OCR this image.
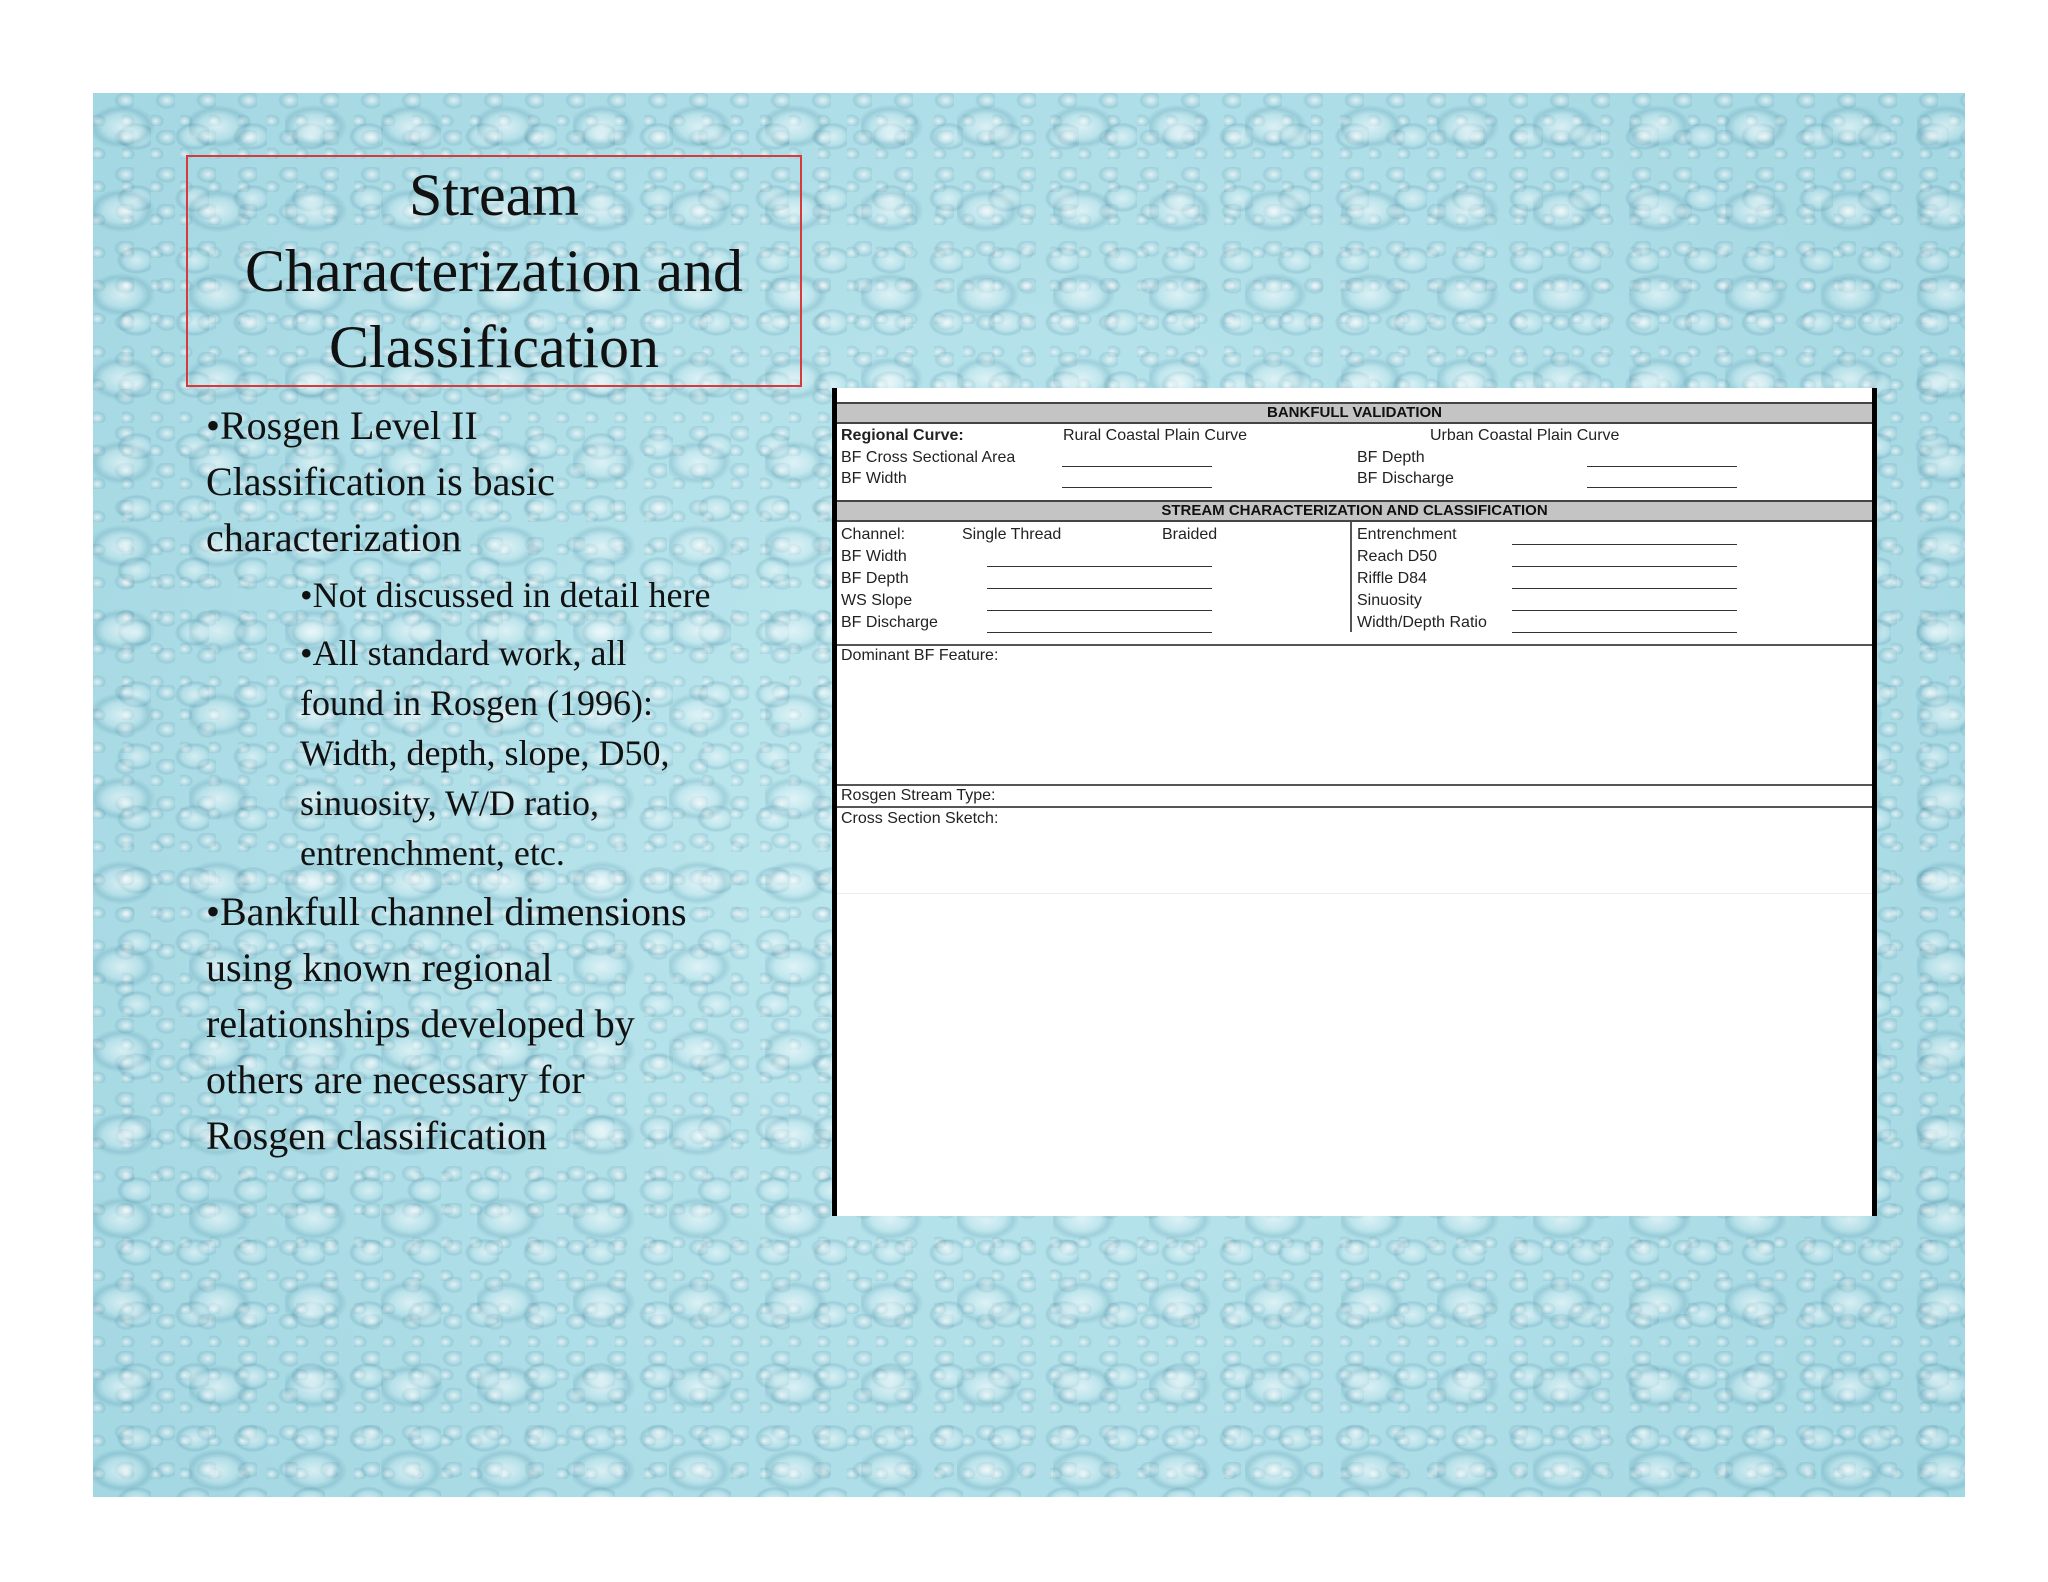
Stream
Characterization and
Classification

•Rosgen Level II
Classification is basic
characterization

•Not discussed in detail here

•All standard work, all
found in Rosgen (1996):
Width, depth, slope, D50,
sinuosity, W/D ratio,
entrenchment, etc.

•Bankfull channel dimensions
using known regional
relationships developed by
others are necessary for
Rosgen classification

BANKFULL VALIDATION
Regional Curve:	Rural Coastal Plain Curve	Urban Coastal Plain Curve
BF Cross Sectional Area	BF Depth
BF Width	BF Discharge
STREAM CHARACTERIZATION AND CLASSIFICATION
Channel:	Single Thread	Braided	Entrenchment
BF Width	Reach D50
BF Depth	Riffle D84
WS Slope	Sinuosity
BF Discharge	Width/Depth Ratio
Dominant BF Feature:
Rosgen Stream Type:
Cross Section Sketch:
